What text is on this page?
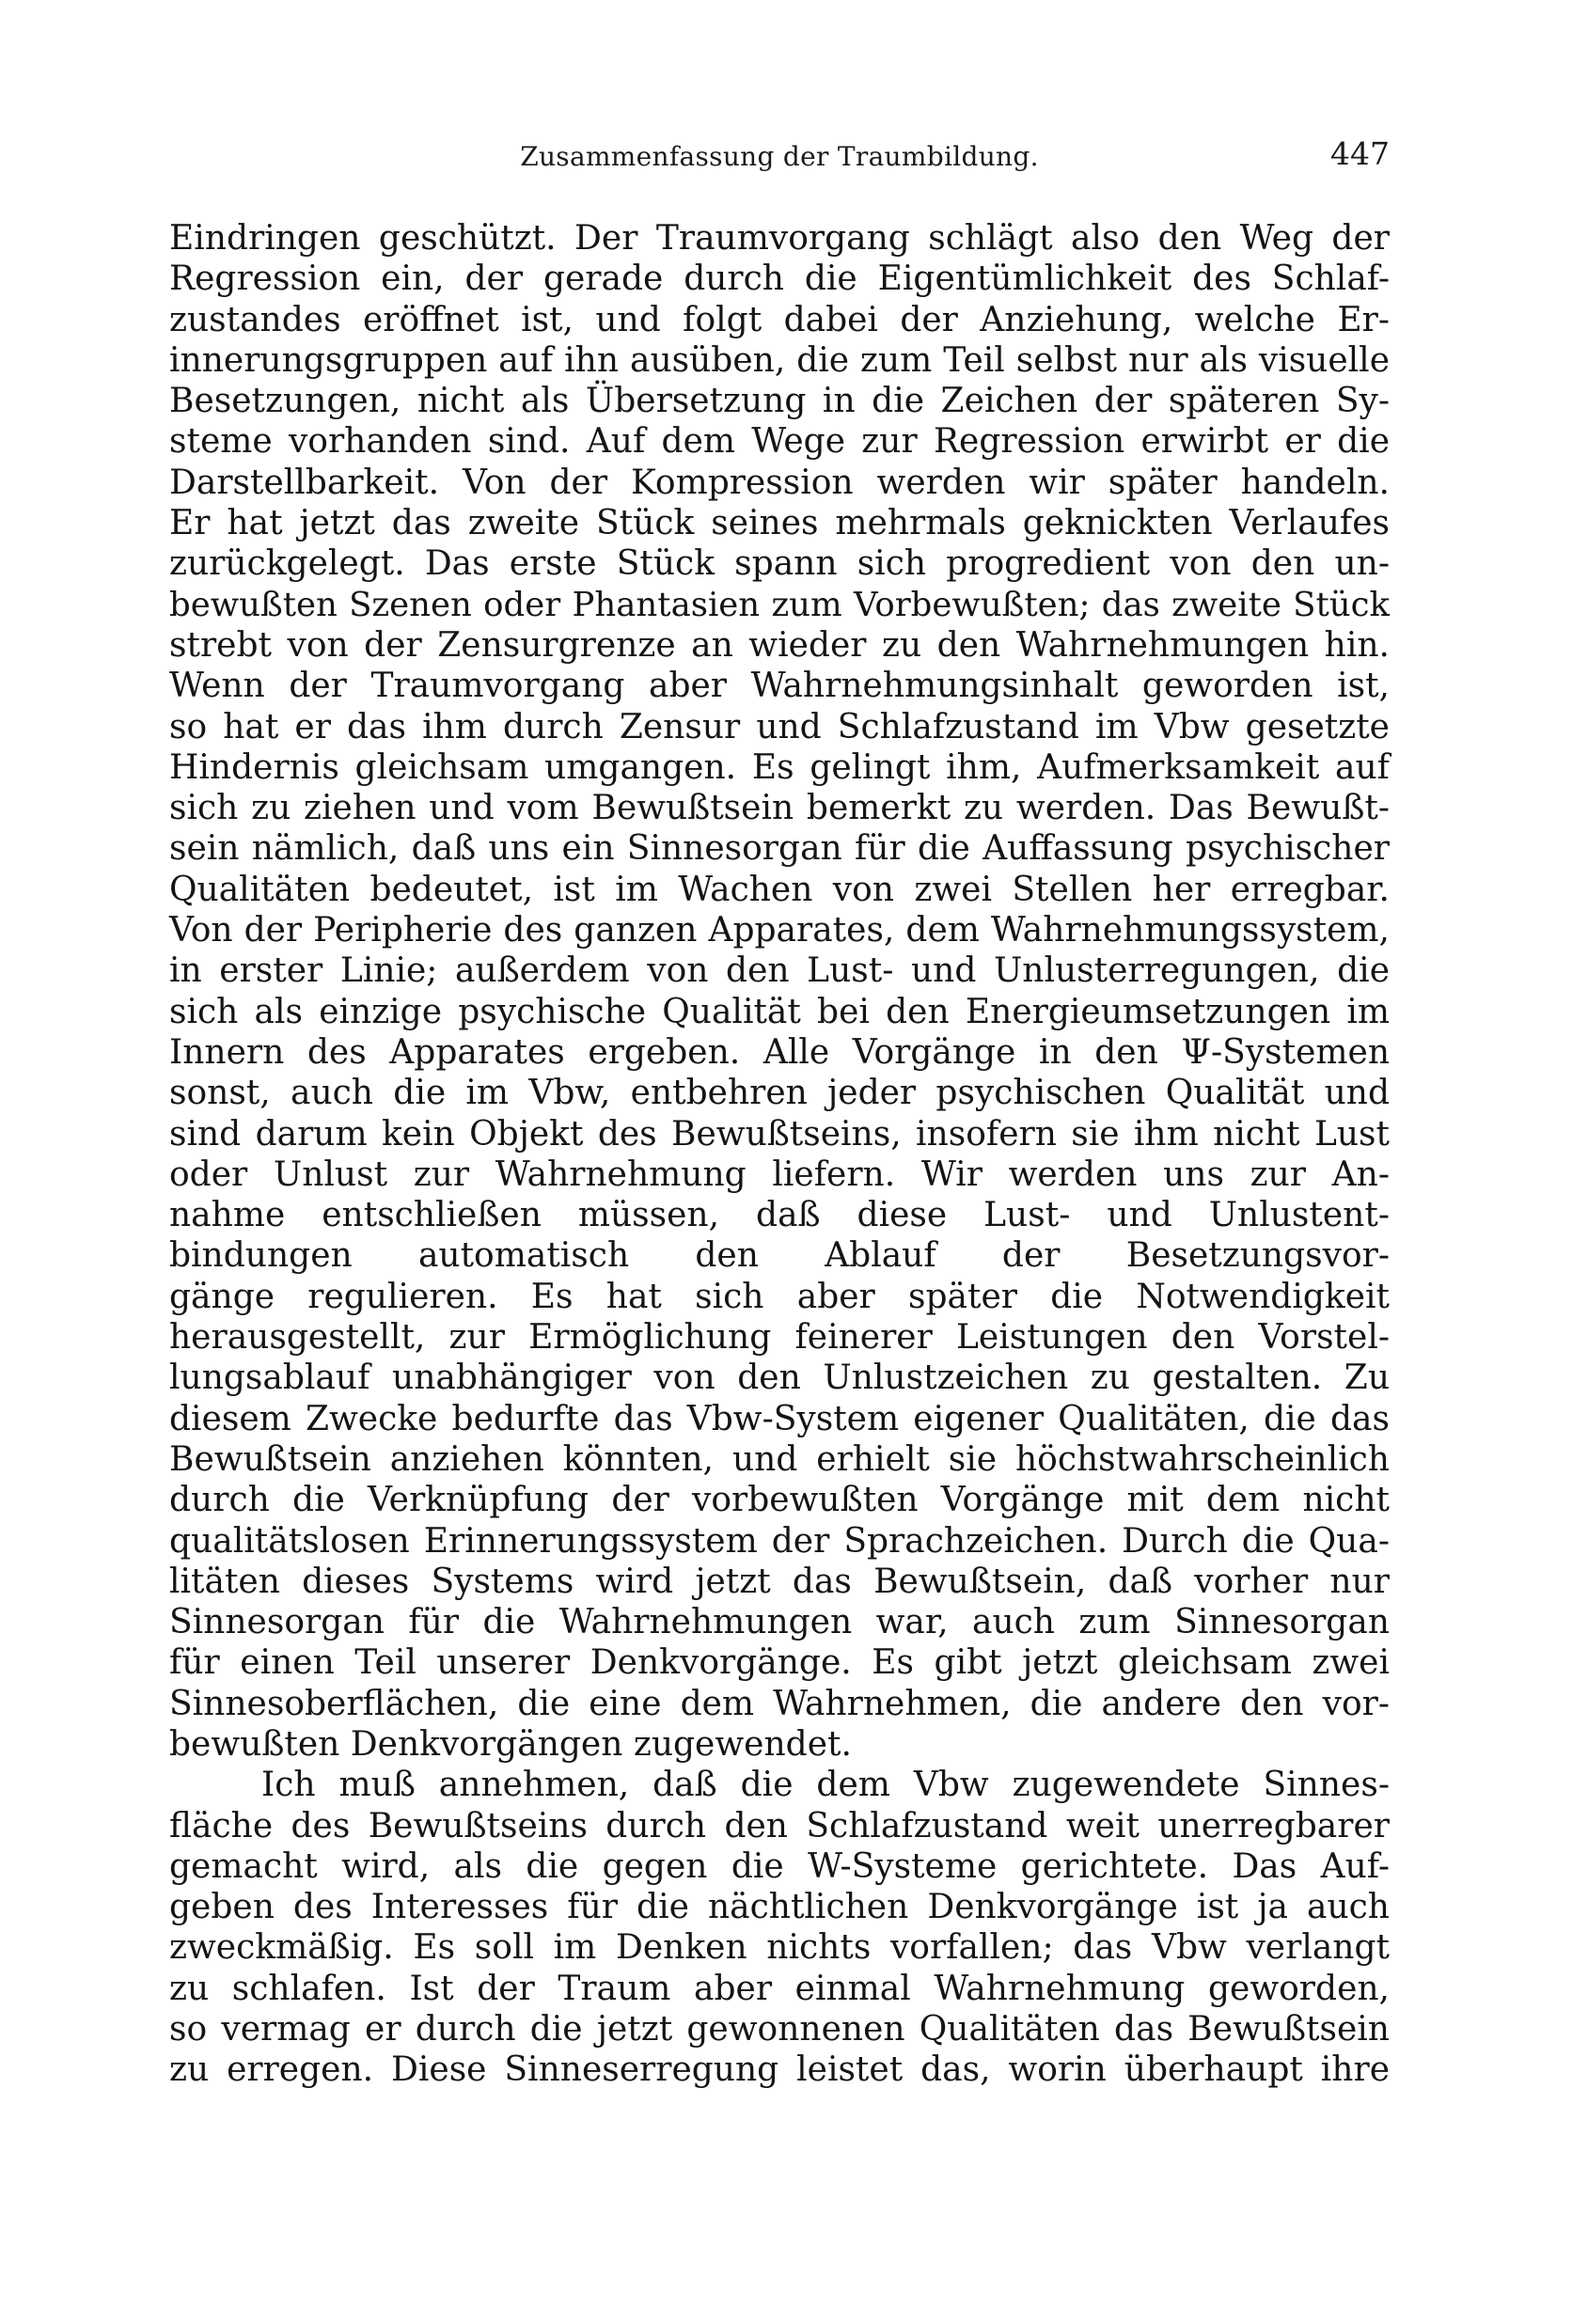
Zusammenfassung der Traumbildung.	447
Eindringen geschützt. Der Traumvorgang schlägt also den Weg der
Regression ein, der gerade durch die Eigentümlichkeit des Schlaf-
zustandes eröffnet ist, und folgt dabei der Anziehung, welche Er-
innerungsgruppen auf ihn ausüben, die zum Teil selbst nur als visuelle
Besetzungen, nicht als Übersetzung in die Zeichen der späteren Sy-
steme vorhanden sind. Auf dem Wege zur Regression erwirbt er die
Darstellbarkeit. Von der Kompression werden wir später handeln.
Er hat jetzt das zweite Stück seines mehrmals geknickten Verlaufes
zurückgelegt. Das erste Stück spann sich progredient von den un-
bewußten Szenen oder Phantasien zum Vorbewußten; das zweite Stück
strebt von der Zensurgrenze an wieder zu den Wahrnehmungen hin.
Wenn der Traumvorgang aber Wahrnehmungsinhalt geworden ist,
so hat er das ihm durch Zensur und Schlafzustand im Vbw gesetzte
Hindernis gleichsam umgangen. Es gelingt ihm, Aufmerksamkeit auf
sich zu ziehen und vom Bewußtsein bemerkt zu werden. Das Bewußt-
sein nämlich, daß uns ein Sinnesorgan für die Auffassung psychischer
Qualitäten bedeutet, ist im Wachen von zwei Stellen her erregbar.
Von der Peripherie des ganzen Apparates, dem Wahrnehmungssystem,
in erster Linie; außerdem von den Lust- und Unlusterregungen, die
sich als einzige psychische Qualität bei den Energieumsetzungen im
Innern des Apparates ergeben. Alle Vorgänge in den Ψ-Systemen
sonst, auch die im Vbw, entbehren jeder psychischen Qualität und
sind darum kein Objekt des Bewußtseins, insofern sie ihm nicht Lust
oder Unlust zur Wahrnehmung liefern. Wir werden uns zur An-
nahme entschließen müssen, daß diese Lust- und Unlustent-
bindungen automatisch den Ablauf der Besetzungsvor-
gänge regulieren. Es hat sich aber später die Notwendigkeit
herausgestellt, zur Ermöglichung feinerer Leistungen den Vorstel-
lungsablauf unabhängiger von den Unlustzeichen zu gestalten. Zu
diesem Zwecke bedurfte das Vbw-System eigener Qualitäten, die das
Bewußtsein anziehen könnten, und erhielt sie höchstwahrscheinlich
durch die Verknüpfung der vorbewußten Vorgänge mit dem nicht
qualitätslosen Erinnerungssystem der Sprachzeichen. Durch die Qua-
litäten dieses Systems wird jetzt das Bewußtsein, daß vorher nur
Sinnesorgan für die Wahrnehmungen war, auch zum Sinnesorgan
für einen Teil unserer Denkvorgänge. Es gibt jetzt gleichsam zwei
Sinnesoberflächen, die eine dem Wahrnehmen, die andere den vor-
bewußten Denkvorgängen zugewendet.
Ich muß annehmen, daß die dem Vbw zugewendete Sinnes-
fläche des Bewußtseins durch den Schlafzustand weit unerregbarer
gemacht wird, als die gegen die W-Systeme gerichtete. Das Auf-
geben des Interesses für die nächtlichen Denkvorgänge ist ja auch
zweckmäßig. Es soll im Denken nichts vorfallen; das Vbw verlangt
zu schlafen. Ist der Traum aber einmal Wahrnehmung geworden,
so vermag er durch die jetzt gewonnenen Qualitäten das Bewußtsein
zu erregen. Diese Sinneserregung leistet das, worin überhaupt ihre
